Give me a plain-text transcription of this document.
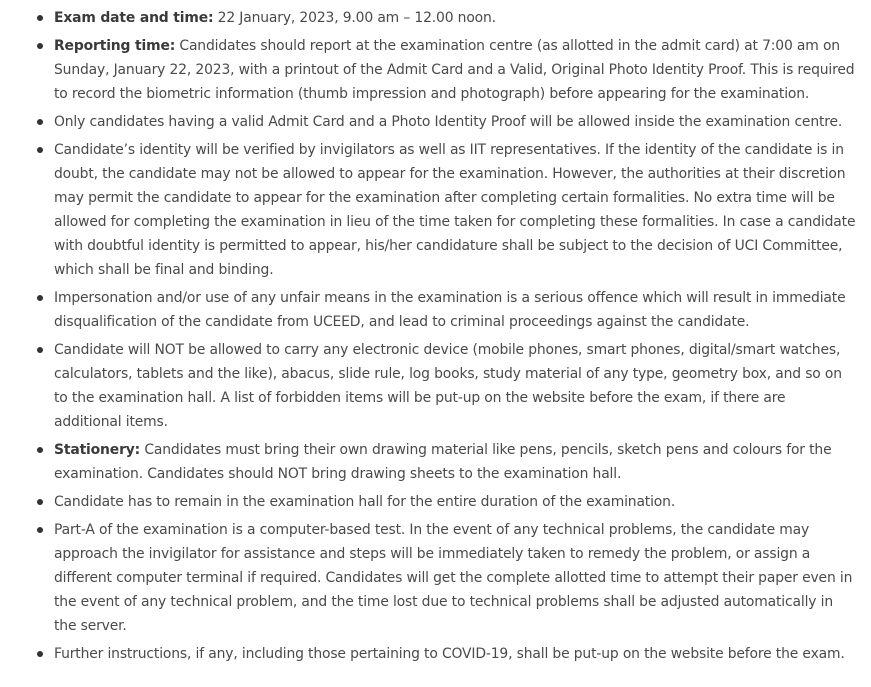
Exam date and time: 22 January, 2023, 9.00 am – 12.00 noon.
Reporting time: Candidates should report at the examination centre (as allotted in the admit card) at 7:00 am on Sunday, January 22, 2023, with a printout of the Admit Card and a Valid, Original Photo Identity Proof. This is required to record the biometric information (thumb impression and photograph) before appearing for the examination.
Only candidates having a valid Admit Card and a Photo Identity Proof will be allowed inside the examination centre.
Candidate’s identity will be verified by invigilators as well as IIT representatives. If the identity of the candidate is in doubt, the candidate may not be allowed to appear for the examination. However, the authorities at their discretion may permit the candidate to appear for the examination after completing certain formalities. No extra time will be allowed for completing the examination in lieu of the time taken for completing these formalities. In case a candidate with doubtful identity is permitted to appear, his/her candidature shall be subject to the decision of UCI Committee, which shall be final and binding.
Impersonation and/or use of any unfair means in the examination is a serious offence which will result in immediate disqualification of the candidate from UCEED, and lead to criminal proceedings against the candidate.
Candidate will NOT be allowed to carry any electronic device (mobile phones, smart phones, digital/smart watches, calculators, tablets and the like), abacus, slide rule, log books, study material of any type, geometry box, and so on to the examination hall. A list of forbidden items will be put-up on the website before the exam, if there are additional items.
Stationery: Candidates must bring their own drawing material like pens, pencils, sketch pens and colours for the examination. Candidates should NOT bring drawing sheets to the examination hall.
Candidate has to remain in the examination hall for the entire duration of the examination.
Part-A of the examination is a computer-based test. In the event of any technical problems, the candidate may approach the invigilator for assistance and steps will be immediately taken to remedy the problem, or assign a different computer terminal if required. Candidates will get the complete allotted time to attempt their paper even in the event of any technical problem, and the time lost due to technical problems shall be adjusted automatically in the server.
Further instructions, if any, including those pertaining to COVID-19, shall be put-up on the website before the exam.
